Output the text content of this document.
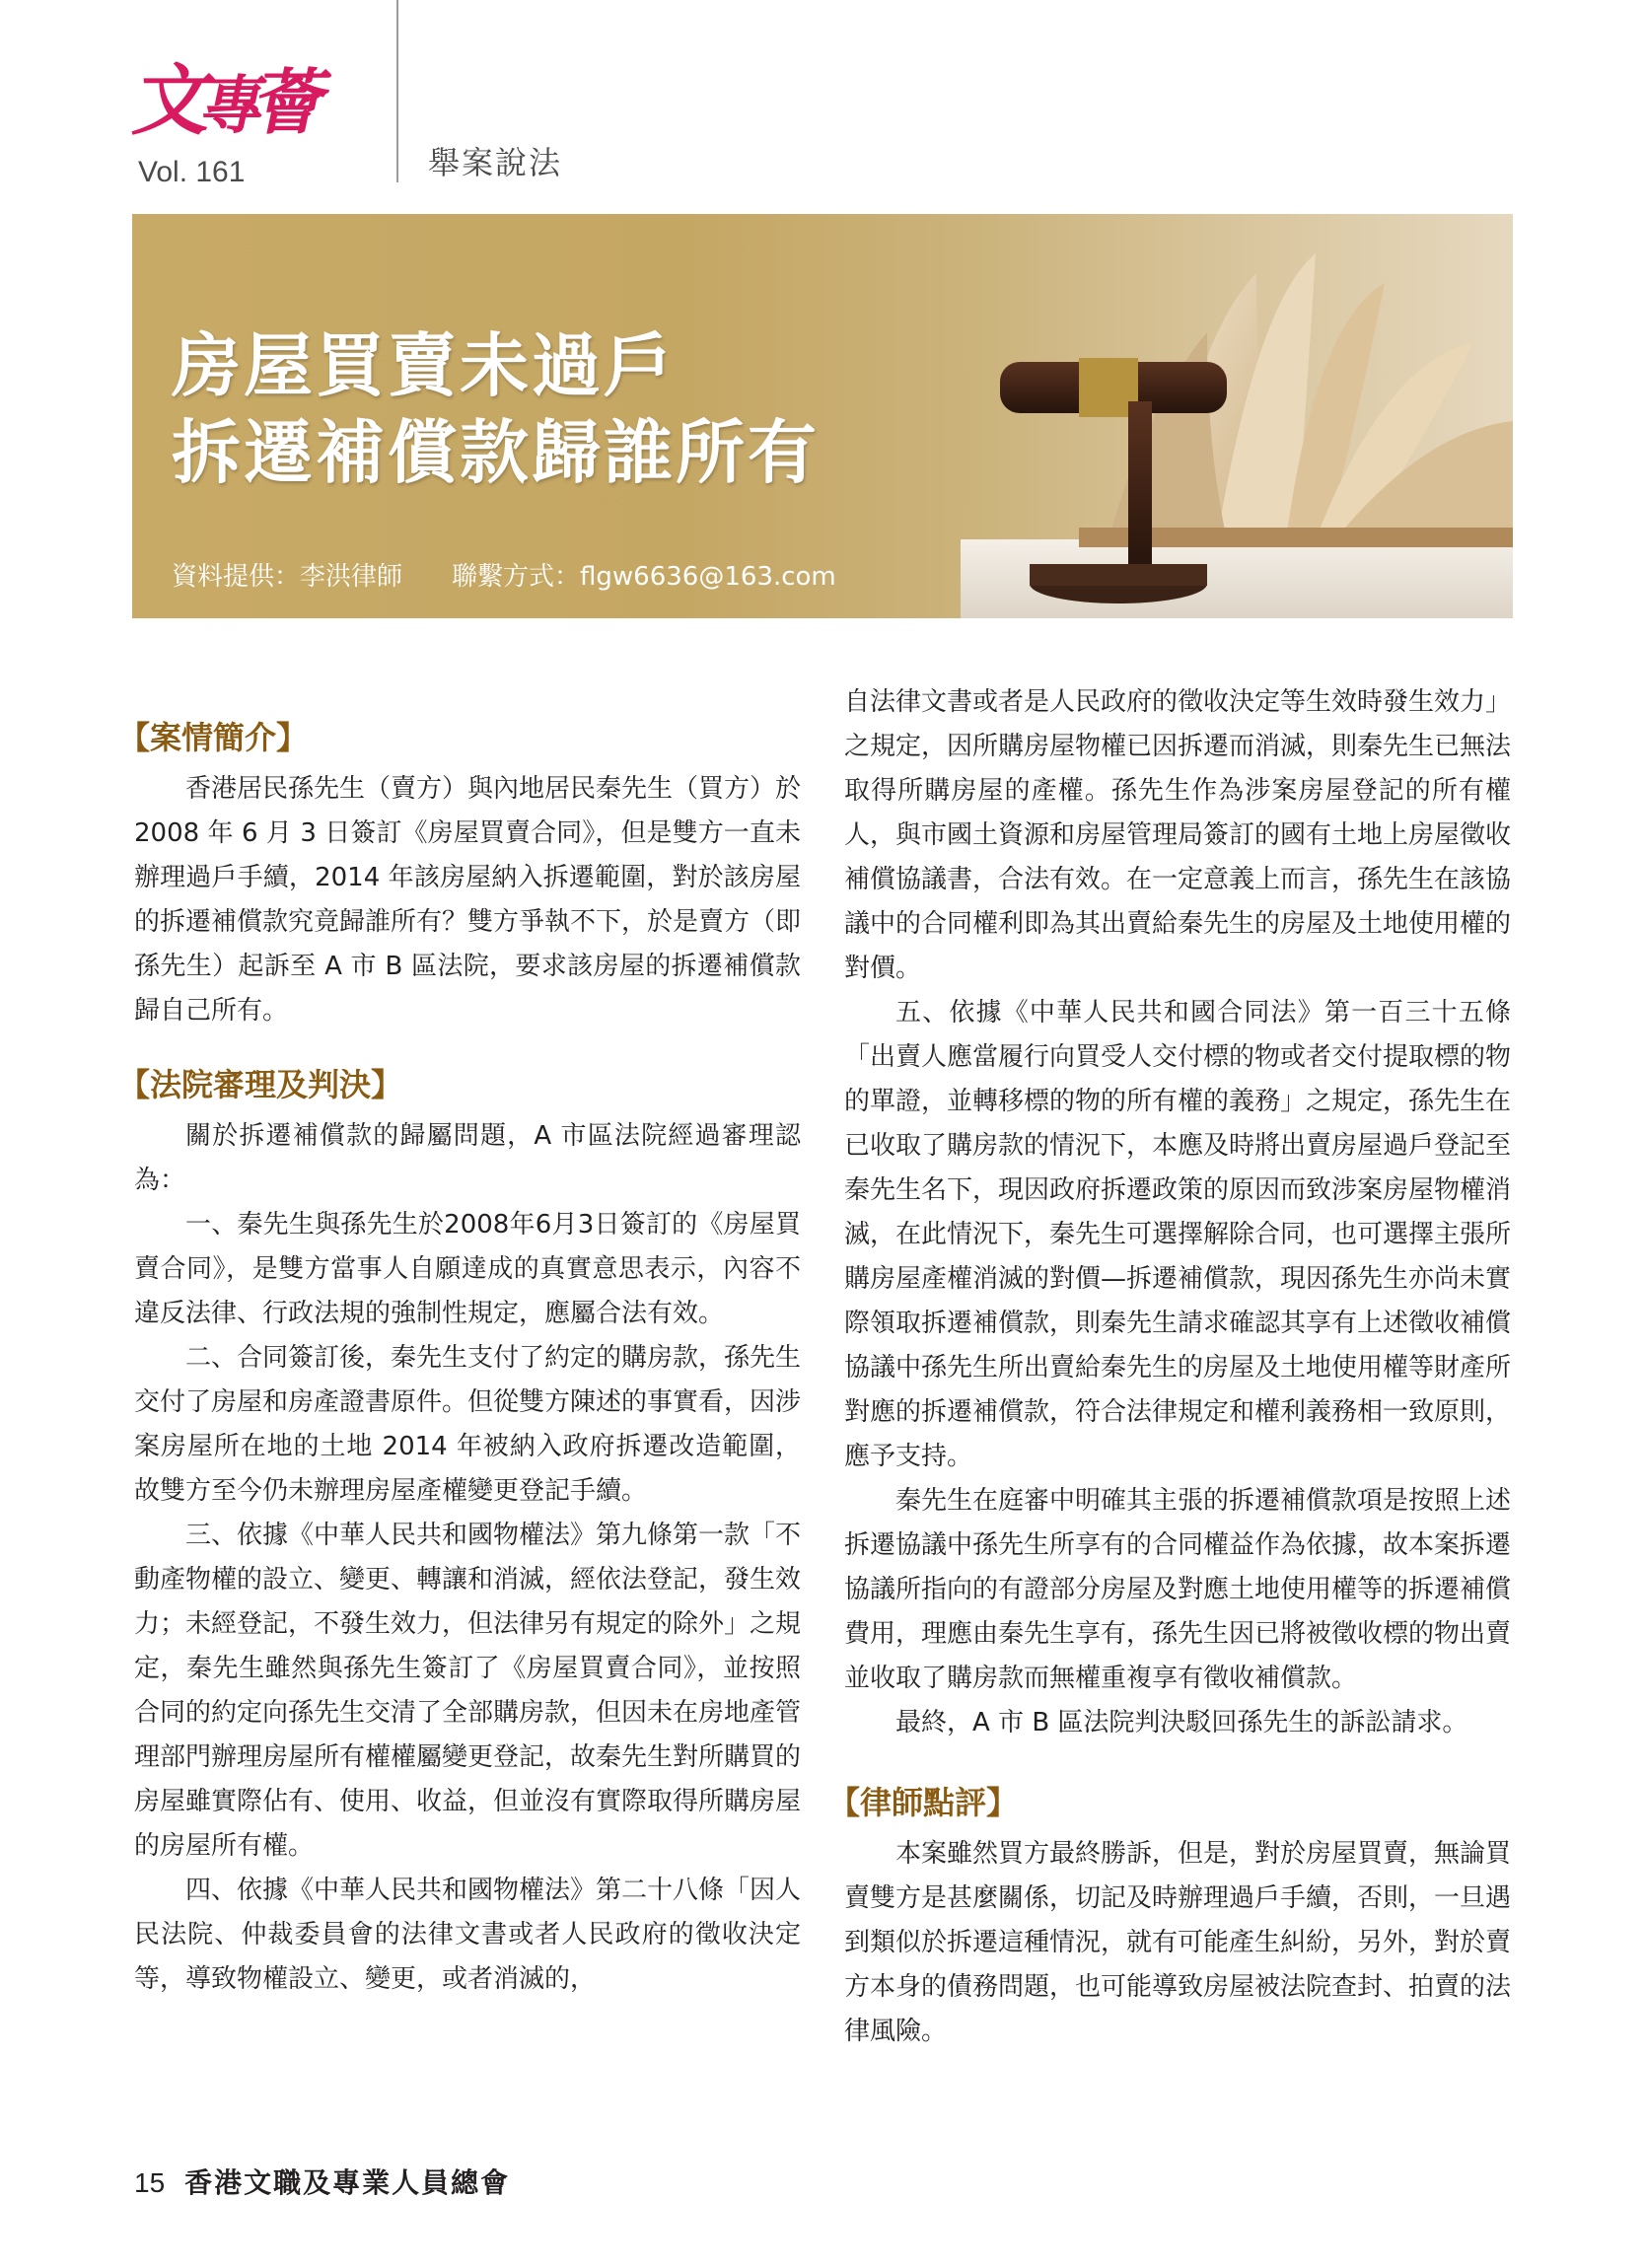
文專薈
Vol. 161	舉案說法
房屋買賣未過戶
拆遷補償款歸誰所有
資料提供：李洪律師 聯繫方式：flgw6636@163.com
【案情簡介】

香港居民孫先生（賣方）與內地居民秦先生（買方）於 2008 年 6 月 3 日簽訂《房屋買賣合同》，但是雙方一直未辦理過戶手續，2014 年該房屋納入拆遷範圍，對於該房屋的拆遷補償款究竟歸誰所有？雙方爭執不下，於是賣方（即孫先生）起訴至 A 市 B 區法院，要求該房屋的拆遷補償款歸自己所有。

【法院審理及判決】

關於拆遷補償款的歸屬問題，A 市區法院經過審理認為：

一、秦先生與孫先生於2008年6月3日簽訂的《房屋買賣合同》，是雙方當事人自願達成的真實意思表示，內容不違反法律、行政法規的強制性規定，應屬合法有效。

二、合同簽訂後，秦先生支付了約定的購房款，孫先生交付了房屋和房產證書原件。但從雙方陳述的事實看，因涉案房屋所在地的土地 2014 年被納入政府拆遷改造範圍，故雙方至今仍未辦理房屋產權變更登記手續。

三、依據《中華人民共和國物權法》第九條第一款「不動產物權的設立、變更、轉讓和消滅，經依法登記，發生效力；未經登記，不發生效力，但法律另有規定的除外」之規定，秦先生雖然與孫先生簽訂了《房屋買賣合同》，並按照合同的約定向孫先生交清了全部購房款，但因未在房地產管理部門辦理房屋所有權權屬變更登記，故秦先生對所購買的房屋雖實際佔有、使用、收益，但並沒有實際取得所購房屋的房屋所有權。

四、依據《中華人民共和國物權法》第二十八條「因人民法院、仲裁委員會的法律文書或者人民政府的徵收決定等，導致物權設立、變更，或者消滅的，

自法律文書或者是人民政府的徵收決定等生效時發生效力」之規定，因所購房屋物權已因拆遷而消滅，則秦先生已無法取得所購房屋的產權。孫先生作為涉案房屋登記的所有權人，與市國土資源和房屋管理局簽訂的國有土地上房屋徵收補償協議書，合法有效。在一定意義上而言，孫先生在該協議中的合同權利即為其出賣給秦先生的房屋及土地使用權的對價。

五、依據《中華人民共和國合同法》第一百三十五條「出賣人應當履行向買受人交付標的物或者交付提取標的物的單證，並轉移標的物的所有權的義務」之規定，孫先生在已收取了購房款的情況下，本應及時將出賣房屋過戶登記至秦先生名下，現因政府拆遷政策的原因而致涉案房屋物權消滅，在此情況下，秦先生可選擇解除合同，也可選擇主張所購房屋產權消滅的對價—拆遷補償款，現因孫先生亦尚未實際領取拆遷補償款，則秦先生請求確認其享有上述徵收補償協議中孫先生所出賣給秦先生的房屋及土地使用權等財產所對應的拆遷補償款，符合法律規定和權利義務相一致原則，應予支持。

秦先生在庭審中明確其主張的拆遷補償款項是按照上述拆遷協議中孫先生所享有的合同權益作為依據，故本案拆遷協議所指向的有證部分房屋及對應土地使用權等的拆遷補償費用，理應由秦先生享有，孫先生因已將被徵收標的物出賣並收取了購房款而無權重複享有徵收補償款。

最終，A 市 B 區法院判決駁回孫先生的訴訟請求。

【律師點評】

本案雖然買方最終勝訴，但是，對於房屋買賣，無論買賣雙方是甚麼關係，切記及時辦理過戶手續，否則，一旦遇到類似於拆遷這種情況，就有可能產生糾紛，另外，對於賣方本身的債務問題，也可能導致房屋被法院查封、拍賣的法律風險。

15 香港文職及專業人員總會
